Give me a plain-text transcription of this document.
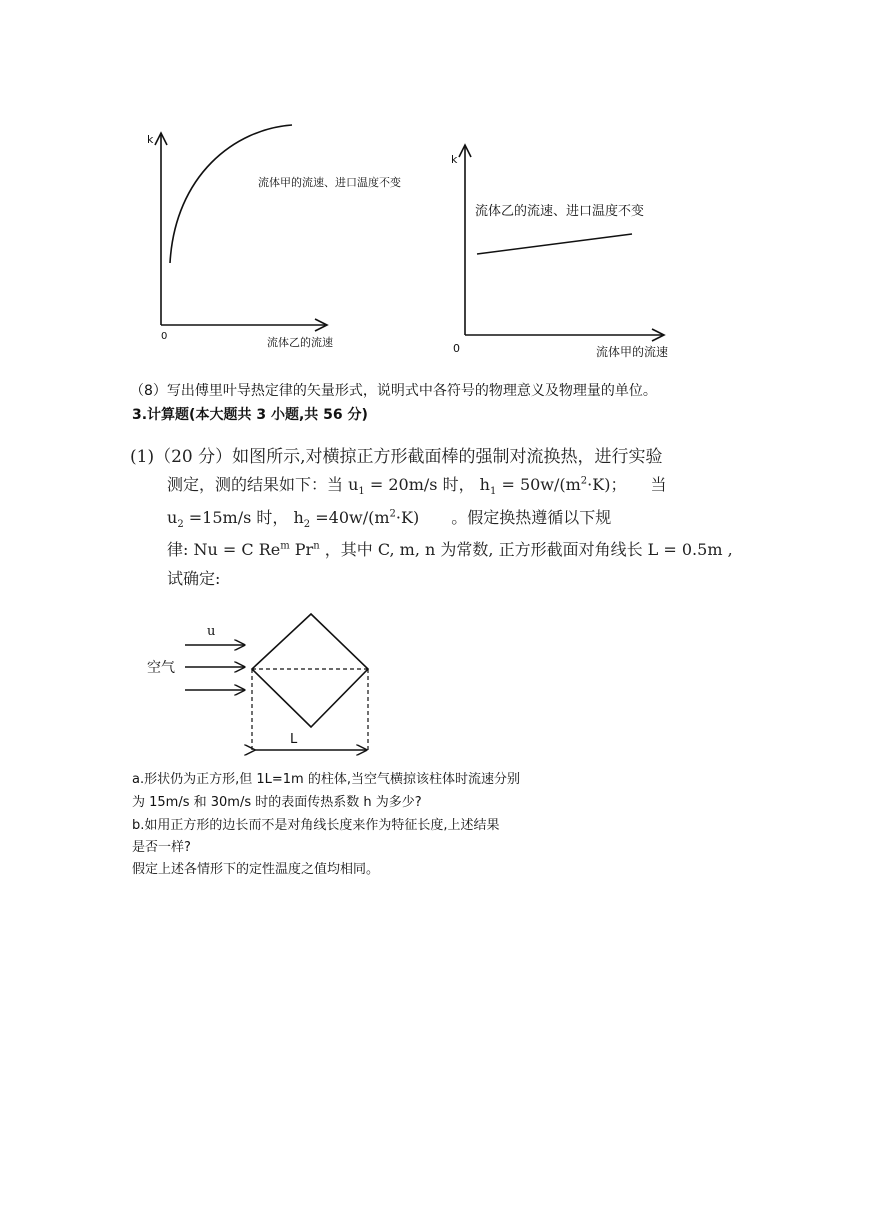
k
0	流体乙的流速
流体甲的流速、进口温度不变
k
0	流体甲的流速
流体乙的流速、进口温度不变
（8）写出傅里叶导热定律的矢量形式，说明式中各符号的物理意义及物理量的单位。
3.计算题(本大题共 3 小题,共 56 分)
(1)（20 分）如图所示,对横掠正方形截面棒的强制对流换热，进行实验
测定，测的结果如下：当 $u_1 = 20m/s$ 时， $h_1 = 50w/(m^2\cdot K)$；　　当
$u_2 =15m/s$ 时， $h_2 =40w/(m^2\cdot K)$　　。假定换热遵循以下规
律: Nu = C Re$^m$ Pr$^n$ ，其中 C, m, n 为常数, 正方形截面对角线长 L = 0.5m ,
试确定:
u
空气
L
a.形状仍为正方形,但 1L=1m 的柱体,当空气横掠该柱体时流速分别
为 15m/s 和 30m/s 时的表面传热系数 h 为多少?
b.如用正方形的边长而不是对角线长度来作为特征长度,上述结果
是否一样?
假定上述各情形下的定性温度之值均相同。
